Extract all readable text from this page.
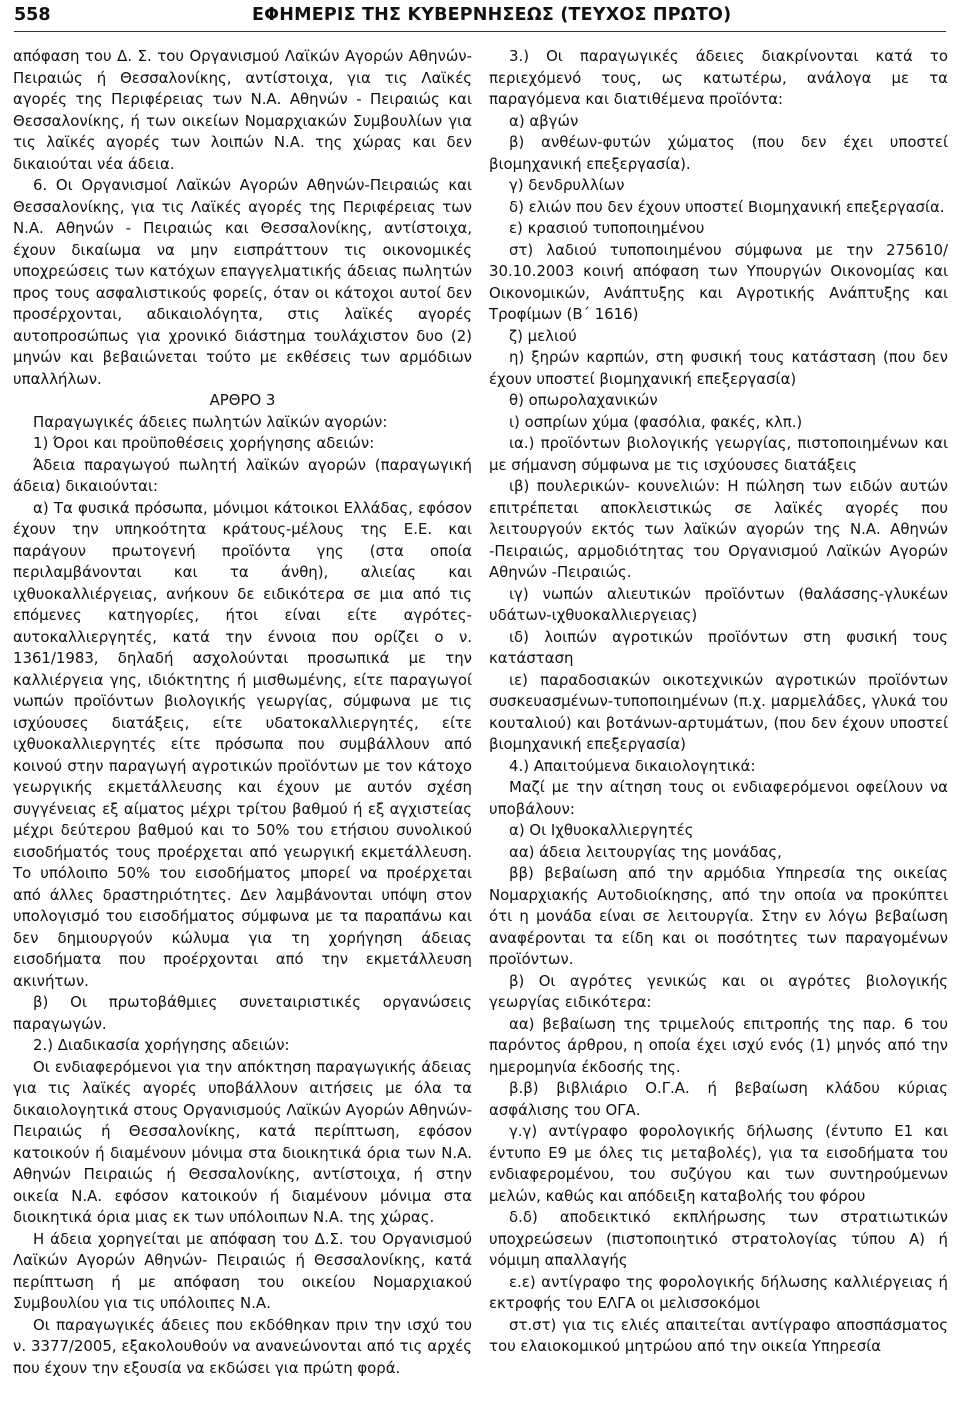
558	ΕΦΗΜΕΡΙΣ ΤΗΣ ΚΥΒΕΡΝΗΣΕΩΣ (ΤΕΥΧΟΣ ΠΡΩΤΟ)

απόφαση του Δ. Σ. του Οργανισμού Λαϊκών Αγορών Αθηνών-Πειραιώς ή Θεσσαλονίκης, αντίστοιχα, για τις Λαϊκές αγορές της Περιφέρειας των Ν.Α. Αθηνών - Πειραιώς και Θεσσαλονίκης, ή των οικείων Νομαρχιακών Συμβουλίων για τις λαϊκές αγορές των λοιπών Ν.Α. της χώρας και δεν δικαιούται νέα άδεια.

6. Οι Οργανισμοί Λαϊκών Αγορών Αθηνών-Πειραιώς και Θεσσαλονίκης, για τις Λαϊκές αγορές της Περιφέρειας των Ν.Α. Αθηνών - Πειραιώς και Θεσσαλονίκης, αντίστοιχα, έχουν δικαίωμα να μην εισπράττουν τις οικονομικές υποχρεώσεις των κατόχων επαγγελματικής άδειας πωλητών προς τους ασφαλιστικούς φορείς, όταν οι κάτοχοι αυτοί δεν προσέρχονται, αδικαιολόγητα, στις λαϊκές αγορές αυτοπροσώπως για χρονικό διάστημα τουλάχιστον δυο (2) μηνών και βεβαιώνεται τούτο με εκθέσεις των αρμόδιων υπαλλήλων.

ΑΡΘΡΟ 3

Παραγωγικές άδειες πωλητών λαϊκών αγορών:

1) Όροι και προϋποθέσεις χορήγησης αδειών:

Άδεια παραγωγού πωλητή λαϊκών αγορών (παραγωγική άδεια) δικαιούνται:

α) Τα φυσικά πρόσωπα, μόνιμοι κάτοικοι Ελλάδας, εφόσον έχουν την υπηκοότητα κράτους-μέλους της Ε.Ε. και παράγουν πρωτογενή προϊόντα γης (στα οποία περιλαμβάνονται και τα άνθη), αλιείας και ιχθυοκαλλιέργειας, ανήκουν δε ειδικότερα σε μια από τις επόμενες κατηγορίες, ήτοι είναι είτε αγρότες-αυτοκαλλιεργητές, κατά την έννοια που ορίζει ο ν. 1361/1983, δηλαδή ασχολούνται προσωπικά με την καλλιέργεια γης, ιδιόκτητης ή μισθωμένης, είτε παραγωγοί νωπών προϊόντων βιολογικής γεωργίας, σύμφωνα με τις ισχύουσες διατάξεις, είτε υδατοκαλλιεργητές, είτε ιχθυοκαλλιεργητές είτε πρόσωπα που συμβάλλουν από κοινού στην παραγωγή αγροτικών προϊόντων με τον κάτοχο γεωργικής εκμετάλλευσης και έχουν με αυτόν σχέση συγγένειας εξ αίματος μέχρι τρίτου βαθμού ή εξ αγχιστείας μέχρι δεύτερου βαθμού και το 50% του ετήσιου συνολικού εισοδήματός τους προέρχεται από γεωργική εκμετάλλευση. Το υπόλοιπο 50% του εισοδήματος μπορεί να προέρχεται από άλλες δραστηριότητες. Δεν λαμβάνονται υπόψη στον υπολογισμό του εισοδήματος σύμφωνα με τα παραπάνω και δεν δημιουργούν κώλυμα για τη χορήγηση άδειας εισοδήματα που προέρχονται από την εκμετάλλευση ακινήτων.

β) Οι πρωτοβάθμιες συνεταιριστικές οργανώσεις παραγωγών.

2.) Διαδικασία χορήγησης αδειών:

Οι ενδιαφερόμενοι για την απόκτηση παραγωγικής άδειας για τις λαϊκές αγορές υποβάλλουν αιτήσεις με όλα τα δικαιολογητικά στους Οργανισμούς Λαϊκών Αγορών Αθηνών-Πειραιώς ή Θεσσαλονίκης, κατά περίπτωση, εφόσον κατοικούν ή διαμένουν μόνιμα στα διοικητικά όρια των Ν.Α. Αθηνών Πειραιώς ή Θεσσαλονίκης, αντίστοιχα, ή στην οικεία Ν.Α. εφόσον κατοικούν ή διαμένουν μόνιμα στα διοικητικά όρια μιας εκ των υπόλοιπων Ν.Α. της χώρας.

Η άδεια χορηγείται με απόφαση του Δ.Σ. του Οργανισμού Λαϊκών Αγορών Αθηνών- Πειραιώς ή Θεσσαλονίκης, κατά περίπτωση ή με απόφαση του οικείου Νομαρχιακού Συμβουλίου για τις υπόλοιπες Ν.Α.

Οι παραγωγικές άδειες που εκδόθηκαν πριν την ισχύ του ν. 3377/2005, εξακολουθούν να ανανεώνονται από τις αρχές που έχουν την εξουσία να εκδώσει για πρώτη φορά.

3.) Οι παραγωγικές άδειες διακρίνονται κατά το περιεχόμενό τους, ως κατωτέρω, ανάλογα με τα παραγόμενα και διατιθέμενα προϊόντα:

α) αβγών

β) ανθέων-φυτών χώματος (που δεν έχει υποστεί βιομηχανική επεξεργασία).

γ) δενδρυλλίων

δ) ελιών που δεν έχουν υποστεί Βιομηχανική επεξεργασία.

ε) κρασιού τυποποιημένου

στ) λαδιού τυποποιημένου σύμφωνα με την 275610/ 30.10.2003 κοινή απόφαση των Υπουργών Οικονομίας και Οικονομικών, Ανάπτυξης και Αγροτικής Ανάπτυξης και Τροφίμων (Β΄ 1616)

ζ) μελιού

η) ξηρών καρπών, στη φυσική τους κατάσταση (που δεν έχουν υποστεί βιομηχανική επεξεργασία)

θ) οπωρολαχανικών

ι) οσπρίων χύμα (φασόλια, φακές, κλπ.)

ια.) προϊόντων βιολογικής γεωργίας, πιστοποιημένων και με σήμανση σύμφωνα με τις ισχύουσες διατάξεις

ιβ) πουλερικών- κουνελιών: Η πώληση των ειδών αυτών επιτρέπεται αποκλειστικώς σε λαϊκές αγορές που λειτουργούν εκτός των λαϊκών αγορών της Ν.Α. Αθηνών -Πειραιώς, αρμοδιότητας του Οργανισμού Λαϊκών Αγορών Αθηνών -Πειραιώς.

ιγ) νωπών αλιευτικών προϊόντων (θαλάσσης-γλυκέων υδάτων-ιχθυοκαλλιεργειας)

ιδ) λοιπών αγροτικών προϊόντων στη φυσική τους κατάσταση

ιε) παραδοσιακών οικοτεχνικών αγροτικών προϊόντων συσκευασμένων-τυποποιημένων (π.χ. μαρμελάδες, γλυκά του κουταλιού) και βοτάνων-αρτυμάτων, (που δεν έχουν υποστεί βιομηχανική επεξεργασία)

4.) Απαιτούμενα δικαιολογητικά:

Μαζί με την αίτηση τους οι ενδιαφερόμενοι οφείλουν να υποβάλουν:

α) Οι Ιχθυοκαλλιεργητές

αα) άδεια λειτουργίας της μονάδας,

ββ) βεβαίωση από την αρμόδια Υπηρεσία της οικείας Νομαρχιακής Αυτοδιοίκησης, από την οποία να προκύπτει ότι η μονάδα είναι σε λειτουργία. Στην εν λόγω βεβαίωση αναφέρονται τα είδη και οι ποσότητες των παραγομένων προϊόντων.

β) Οι αγρότες γενικώς και οι αγρότες βιολογικής γεωργίας ειδικότερα:

αα) βεβαίωση της τριμελούς επιτροπής της παρ. 6 του παρόντος άρθρου, η οποία έχει ισχύ ενός (1) μηνός από την ημερομηνία έκδοσής της.

β.β) βιβλιάριο Ο.Γ.Α. ή βεβαίωση κλάδου κύριας ασφάλισης του ΟΓΑ.

γ.γ) αντίγραφο φορολογικής δήλωσης (έντυπο Ε1 και έντυπο Ε9 με όλες τις μεταβολές), για τα εισοδήματα του ενδιαφερομένου, του συζύγου και των συντηρούμενων μελών, καθώς και απόδειξη καταβολής του φόρου

δ.δ) αποδεικτικό εκπλήρωσης των στρατιωτικών υποχρεώσεων (πιστοποιητικό στρατολογίας τύπου Α) ή νόμιμη απαλλαγής

ε.ε) αντίγραφο της φορολογικής δήλωσης καλλιέργειας ή εκτροφής του ΕΛΓΑ οι μελισσοκόμοι

στ.στ) για τις ελιές απαιτείται αντίγραφο αποσπάσματος του ελαιοκομικού μητρώου από την οικεία Υπηρεσία
